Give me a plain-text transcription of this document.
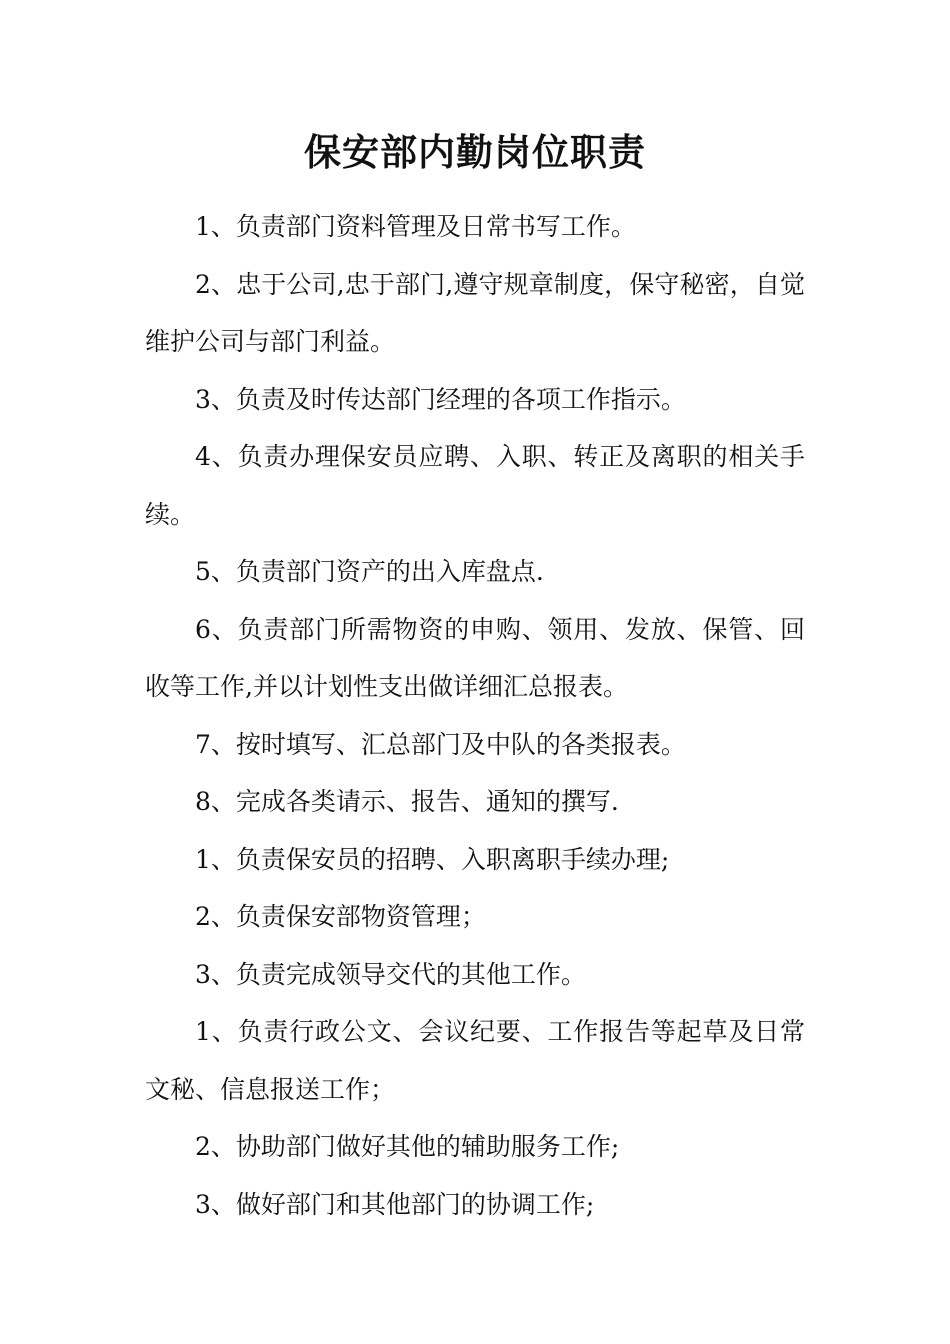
保安部内勤岗位职责

1、负责部门资料管理及日常书写工作。

2、忠于公司,忠于部门,遵守规章制度，保守秘密，自觉维护公司与部门利益。

3、负责及时传达部门经理的各项工作指示。

4、负责办理保安员应聘、入职、转正及离职的相关手续。

5、负责部门资产的出入库盘点.

6、负责部门所需物资的申购、领用、发放、保管、回收等工作,并以计划性支出做详细汇总报表。

7、按时填写、汇总部门及中队的各类报表。

8、完成各类请示、报告、通知的撰写.

1、负责保安员的招聘、入职离职手续办理;

2、负责保安部物资管理；

3、负责完成领导交代的其他工作。

1、负责行政公文、会议纪要、工作报告等起草及日常文秘、信息报送工作；

2、协助部门做好其他的辅助服务工作;

3、做好部门和其他部门的协调工作;
